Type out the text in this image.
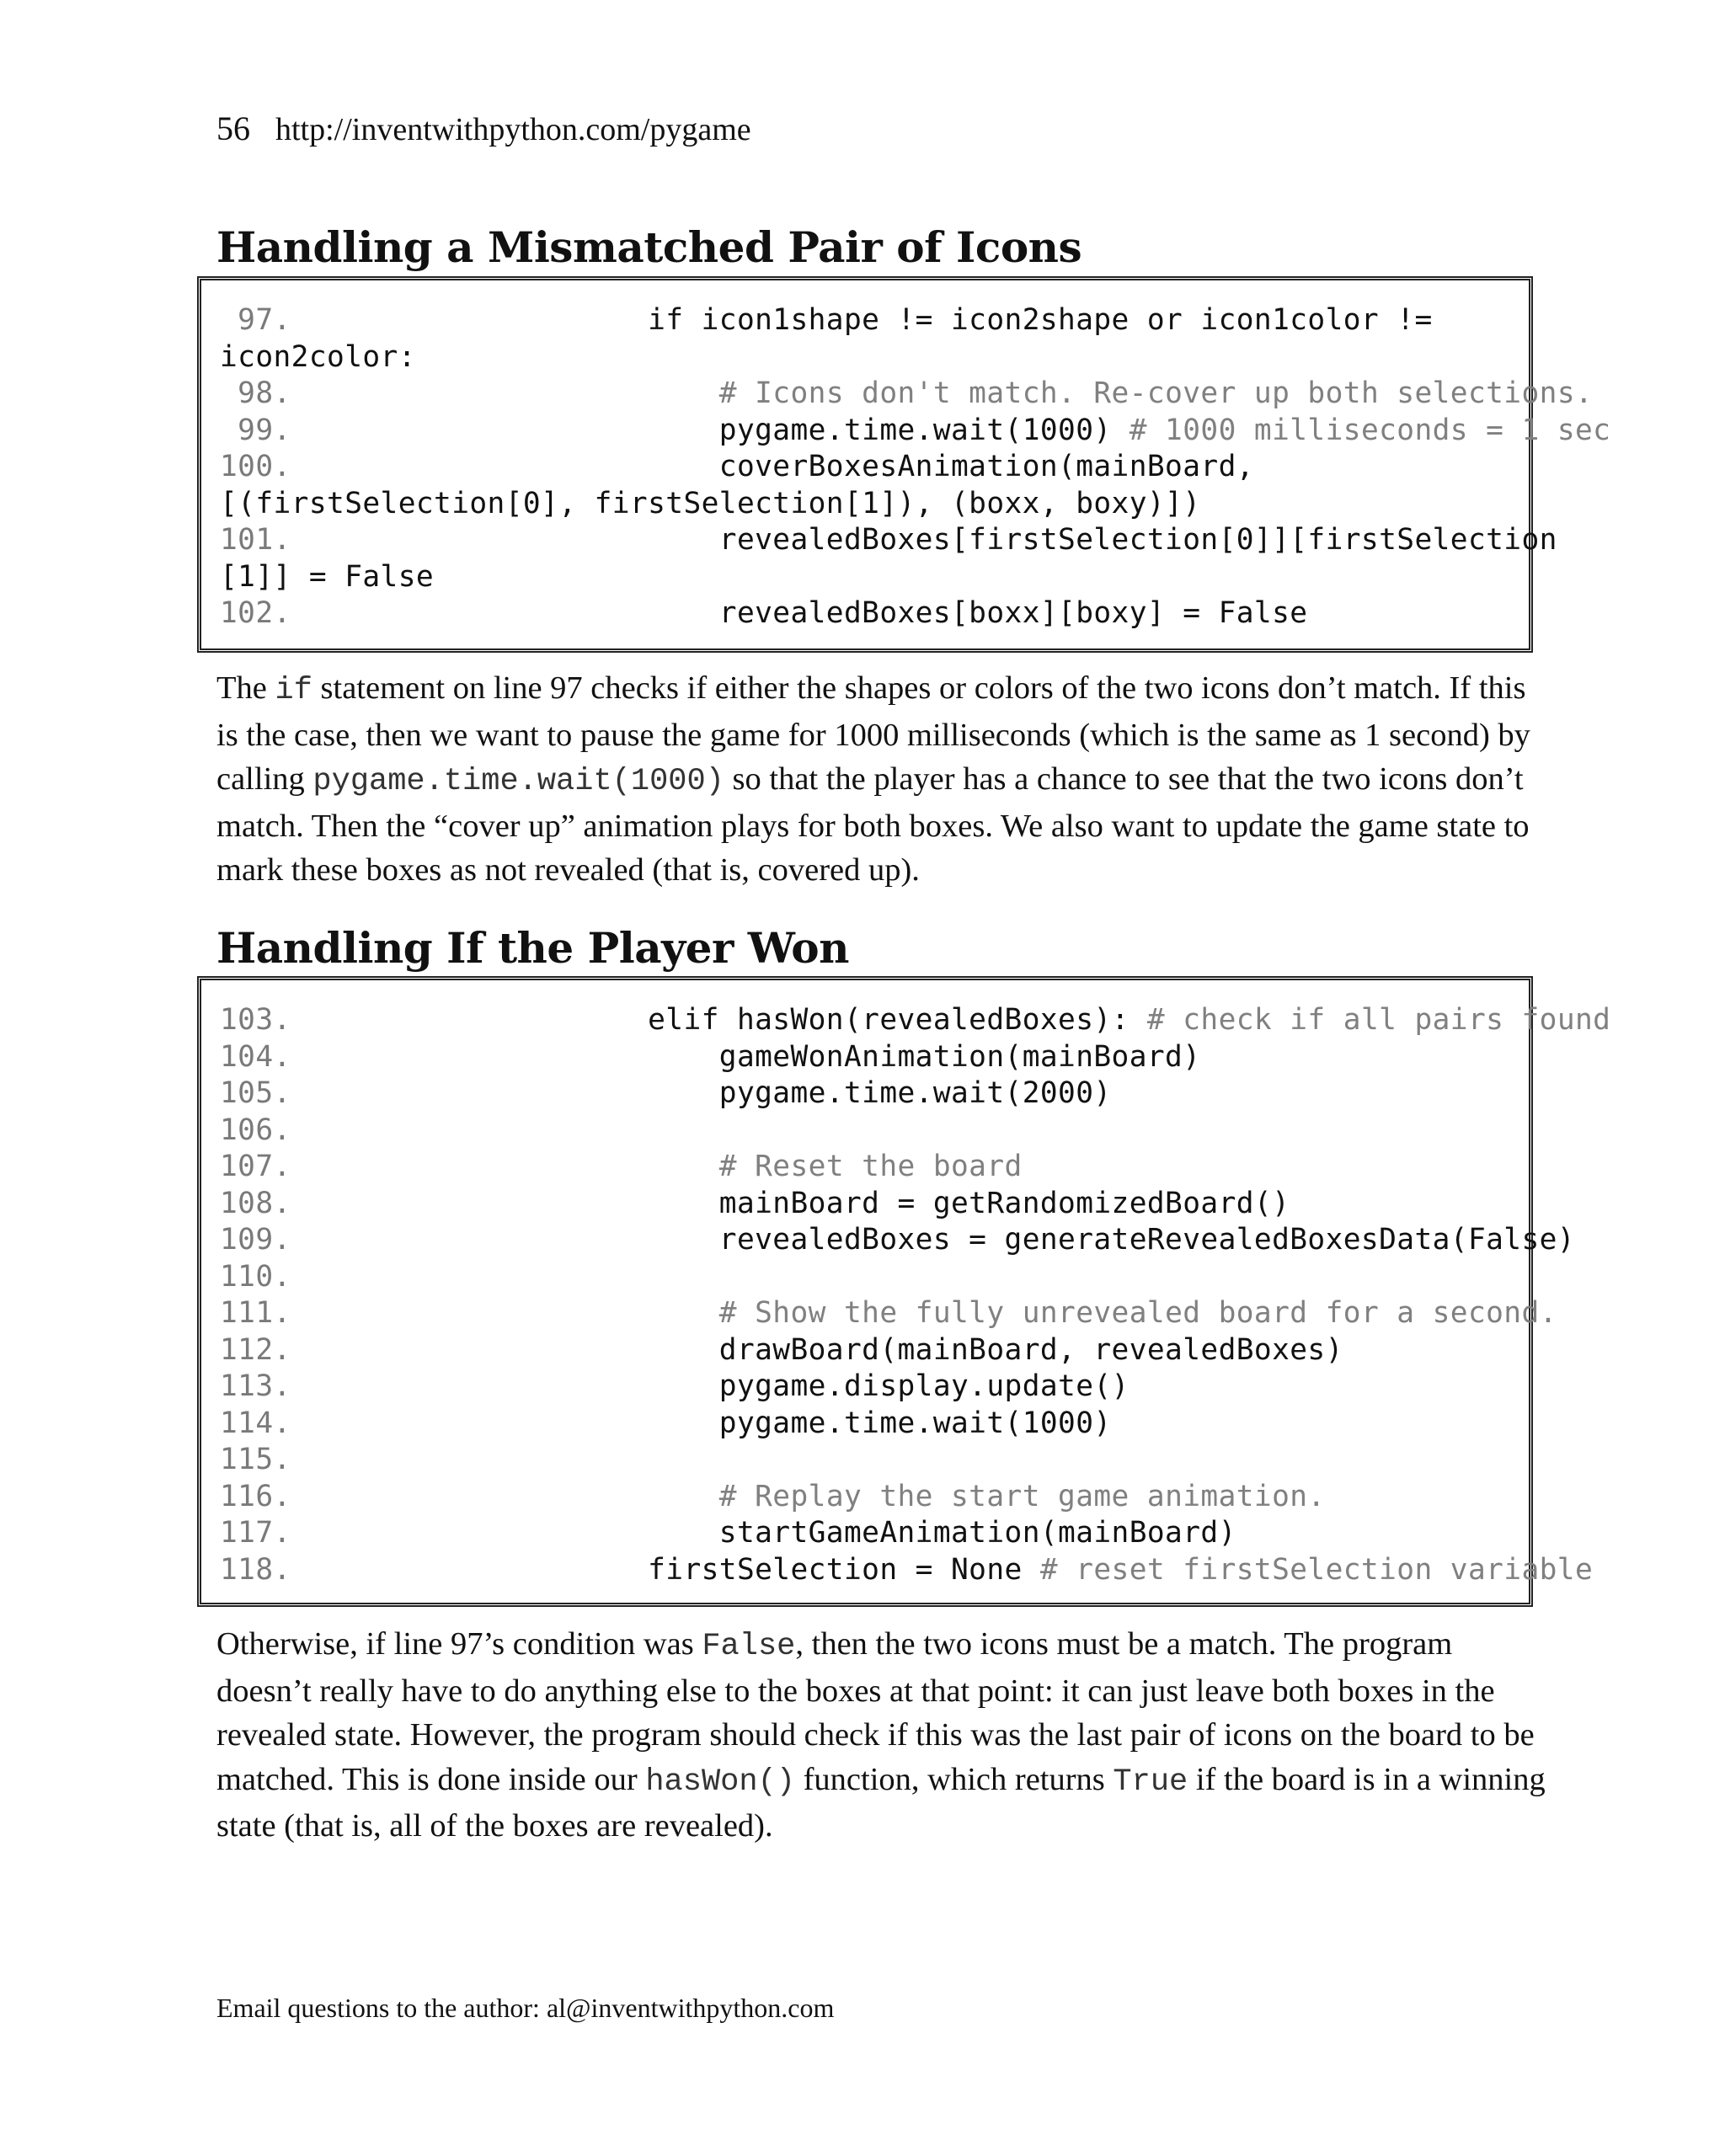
56 http://inventwithpython.com/pygame
Handling a Mismatched Pair of Icons
97.                    if icon1shape != icon2shape or icon1color !=
icon2color:
98.	# Icons don't match. Re-cover up both selections.
99.                        pygame.time.wait(1000) # 1000 milliseconds = 1 sec
100.                        coverBoxesAnimation(mainBoard,
[(firstSelection[0], firstSelection[1]), (boxx, boxy)])
101.                        revealedBoxes[firstSelection[0]][firstSelection
[1]] = False
102.                        revealedBoxes[boxx][boxy] = False

The if statement on line 97 checks if either the shapes or colors of the two icons don’t match. If this is the case, then we want to pause the game for 1000 milliseconds (which is the same as 1 second) by calling pygame.time.wait(1000) so that the player has a chance to see that the two icons don’t match. Then the “cover up” animation plays for both boxes. We also want to update the game state to mark these boxes as not revealed (that is, covered up).

Handling If the Player Won
103.                    elif hasWon(revealedBoxes): # check if all pairs found
104.                        gameWonAnimation(mainBoard)
105.                        pygame.time.wait(2000)
106.
107.	# Reset the board
108.                        mainBoard = getRandomizedBoard()
109.                        revealedBoxes = generateRevealedBoxesData(False)
110.
111.	# Show the fully unrevealed board for a second.
112.                        drawBoard(mainBoard, revealedBoxes)
113.                        pygame.display.update()
114.                        pygame.time.wait(1000)
115.
116.	# Replay the start game animation.
117.                        startGameAnimation(mainBoard)
118.                    firstSelection = None # reset firstSelection variable

Otherwise, if line 97’s condition was False, then the two icons must be a match. The program doesn’t really have to do anything else to the boxes at that point: it can just leave both boxes in the revealed state. However, the program should check if this was the last pair of icons on the board to be matched. This is done inside our hasWon() function, which returns True if the board is in a winning state (that is, all of the boxes are revealed).

Email questions to the author: al@inventwithpython.com
